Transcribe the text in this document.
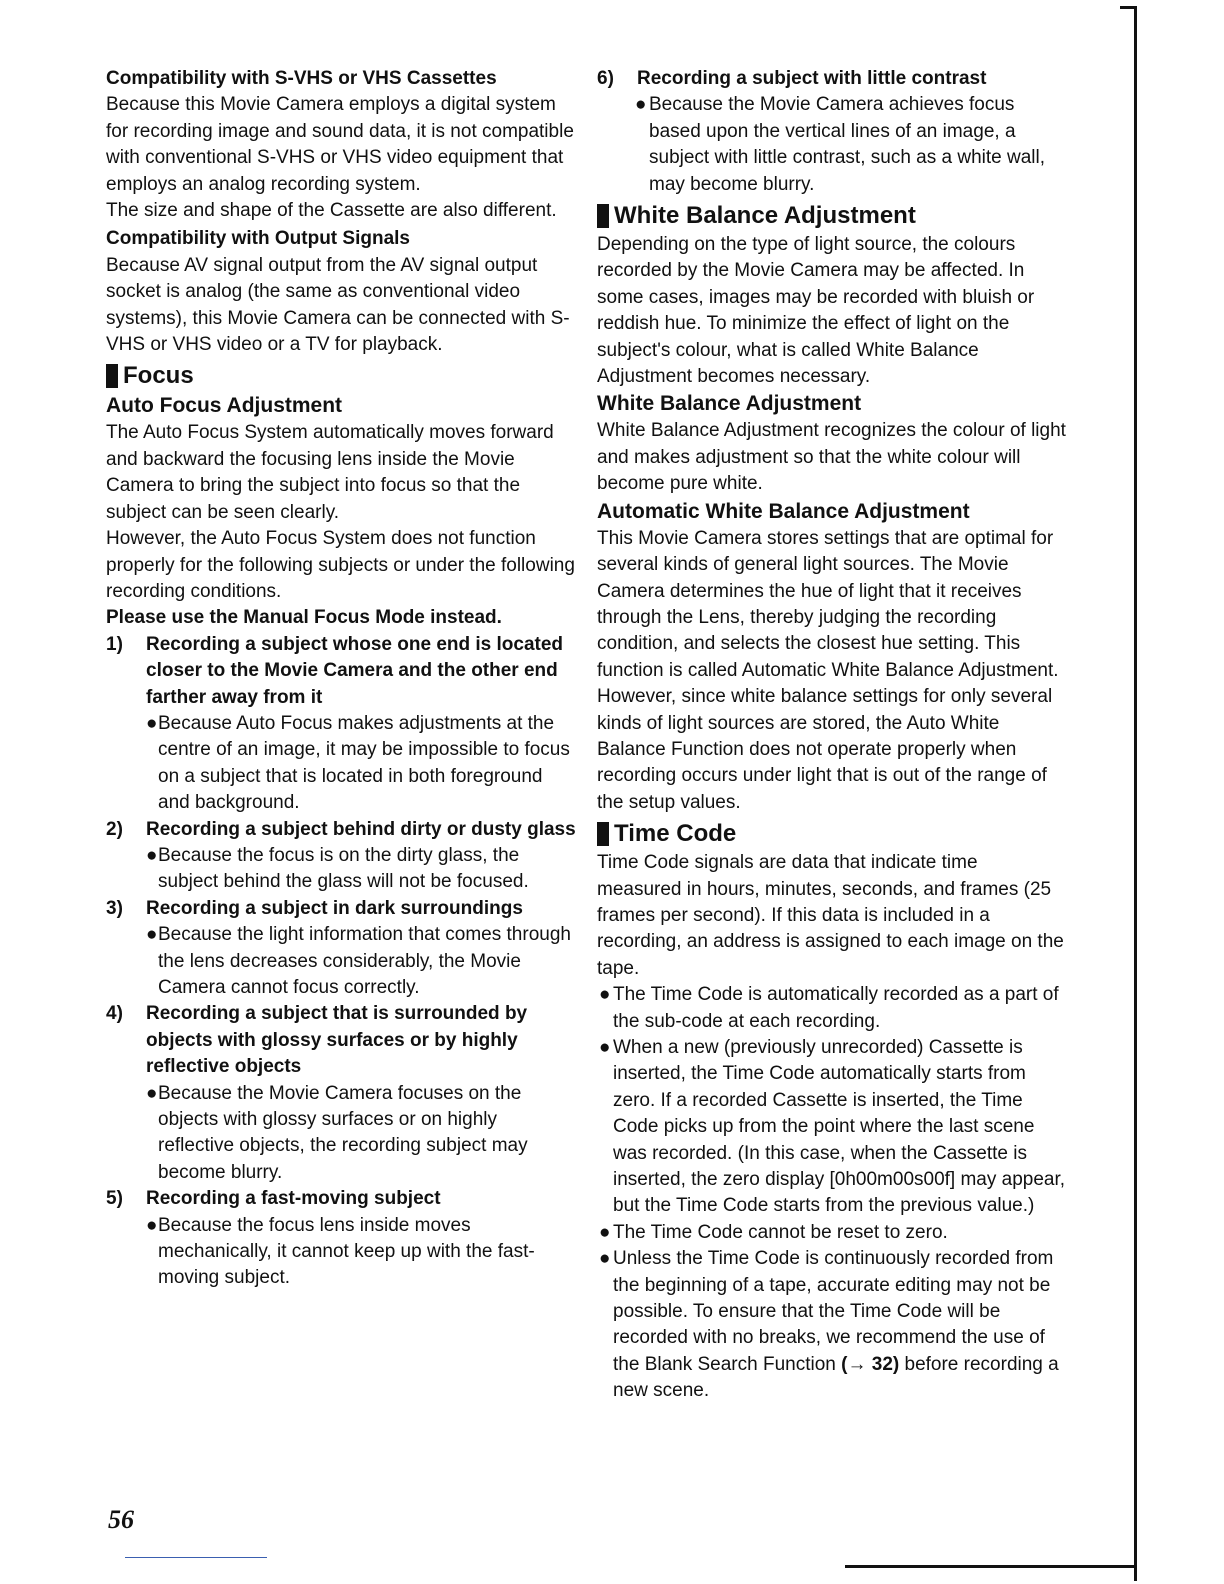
Compatibility with S-VHS or VHS Cassettes

Because this Movie Camera employs a digital system for recording image and sound data, it is not compatible with conventional S-VHS or VHS video equipment that employs an analog recording system.

The size and shape of the Cassette are also different.

Compatibility with Output Signals

Because AV signal output from the AV signal output socket is analog (the same as conventional video systems), this Movie Camera can be connected with S-VHS or VHS video or a TV for playback.

Focus

Auto Focus Adjustment

The Auto Focus System automatically moves forward and backward the focusing lens inside the Movie Camera to bring the subject into focus so that the subject can be seen clearly.

However, the Auto Focus System does not function properly for the following subjects or under the following recording conditions.

Please use the Manual Focus Mode instead.

1)	Recording a subject whose one end is located closer to the Movie Camera and the other end farther away from it

● Because Auto Focus makes adjustments at the centre of an image, it may be impossible to focus on a subject that is located in both foreground and background.

2)	Recording a subject behind dirty or dusty glass

● Because the focus is on the dirty glass, the subject behind the glass will not be focused.

3)	Recording a subject in dark surroundings

● Because the light information that comes through the lens decreases considerably, the Movie Camera cannot focus correctly.

4)	Recording a subject that is surrounded by objects with glossy surfaces or by highly reflective objects

● Because the Movie Camera focuses on the objects with glossy surfaces or on highly reflective objects, the recording subject may become blurry.

5)	Recording a fast-moving subject

● Because the focus lens inside moves mechanically, it cannot keep up with the fast-moving subject.

6)	Recording a subject with little contrast

● Because the Movie Camera achieves focus based upon the vertical lines of an image, a subject with little contrast, such as a white wall, may become blurry.

White Balance Adjustment

Depending on the type of light source, the colours recorded by the Movie Camera may be affected. In some cases, images may be recorded with bluish or reddish hue. To minimize the effect of light on the subject's colour, what is called White Balance Adjustment becomes necessary.

White Balance Adjustment

White Balance Adjustment recognizes the colour of light and makes adjustment so that the white colour will become pure white.

Automatic White Balance Adjustment

This Movie Camera stores settings that are optimal for several kinds of general light sources. The Movie Camera determines the hue of light that it receives through the Lens, thereby judging the recording condition, and selects the closest hue setting. This function is called Automatic White Balance Adjustment.

However, since white balance settings for only several kinds of light sources are stored, the Auto White Balance Function does not operate properly when recording occurs under light that is out of the range of the setup values.

Time Code

Time Code signals are data that indicate time measured in hours, minutes, seconds, and frames (25 frames per second). If this data is included in a recording, an address is assigned to each image on the tape.

● The Time Code is automatically recorded as a part of the sub-code at each recording.

● When a new (previously unrecorded) Cassette is inserted, the Time Code automatically starts from zero. If a recorded Cassette is inserted, the Time Code picks up from the point where the last scene was recorded. (In this case, when the Cassette is inserted, the zero display [0h00m00s00f] may appear, but the Time Code starts from the previous value.)

● The Time Code cannot be reset to zero.

● Unless the Time Code is continuously recorded from the beginning of a tape, accurate editing may not be possible. To ensure that the Time Code will be recorded with no breaks, we recommend the use of the Blank Search Function (→ 32) before recording a new scene.

56
